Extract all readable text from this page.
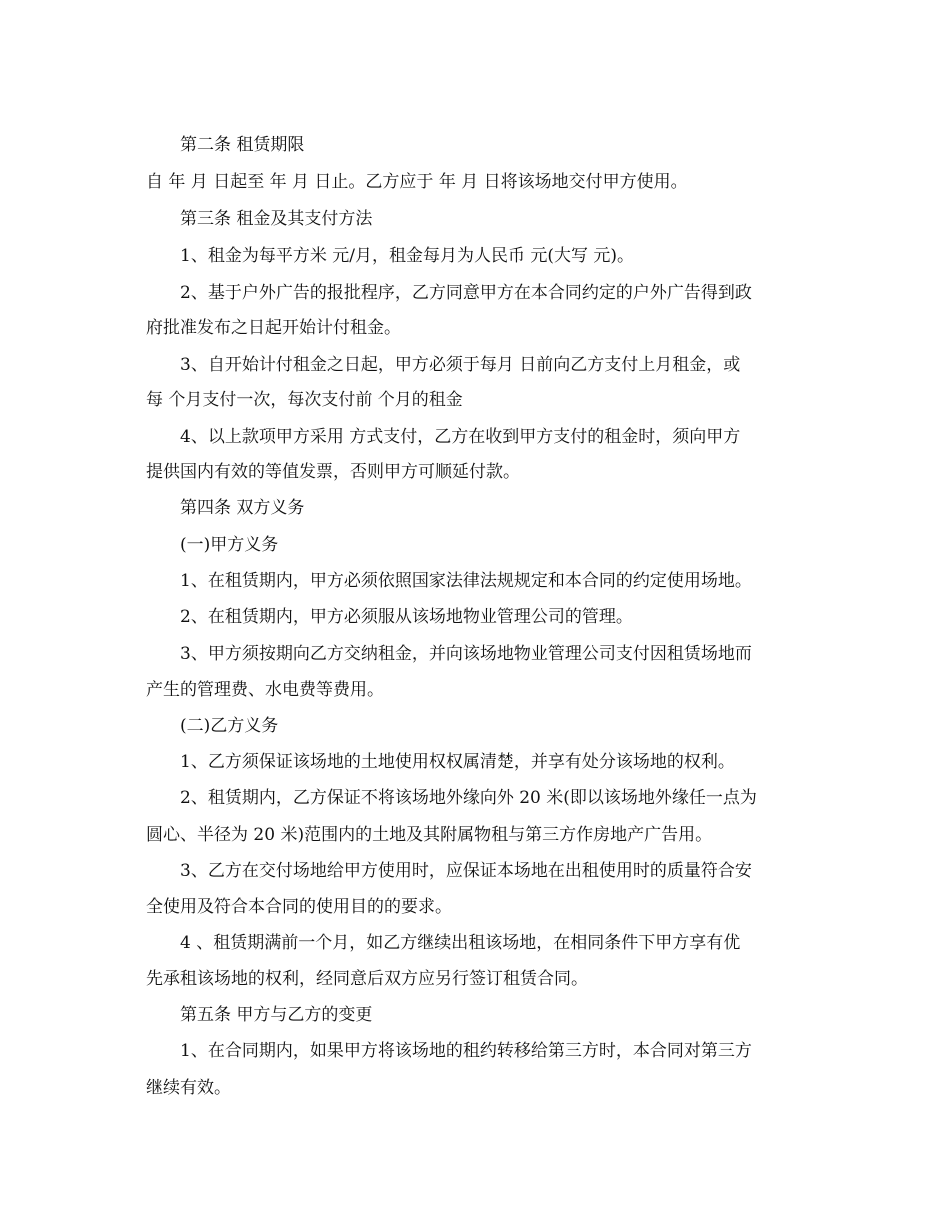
第二条 租赁期限
自 年 月 日起至 年 月 日止。乙方应于 年 月 日将该场地交付甲方使用。
第三条 租金及其支付方法
1、租金为每平方米 元/月，租金每月为人民币 元(大写 元)。
2、基于户外广告的报批程序，乙方同意甲方在本合同约定的户外广告得到政
府批准发布之日起开始计付租金。
3、自开始计付租金之日起，甲方必须于每月 日前向乙方支付上月租金，或
每 个月支付一次，每次支付前 个月的租金
4、以上款项甲方采用 方式支付，乙方在收到甲方支付的租金时，须向甲方
提供国内有效的等值发票，否则甲方可顺延付款。
第四条 双方义务
(一)甲方义务
1、在租赁期内，甲方必须依照国家法律法规规定和本合同的约定使用场地。
2、在租赁期内，甲方必须服从该场地物业管理公司的管理。
3、甲方须按期向乙方交纳租金，并向该场地物业管理公司支付因租赁场地而
产生的管理费、水电费等费用。
(二)乙方义务
1、乙方须保证该场地的土地使用权权属清楚，并享有处分该场地的权利。
2、租赁期内，乙方保证不将该场地外缘向外 20 米(即以该场地外缘任一点为
圆心、半径为 20 米)范围内的土地及其附属物租与第三方作房地产广告用。
3、乙方在交付场地给甲方使用时，应保证本场地在出租使用时的质量符合安
全使用及符合本合同的使用目的的要求。
4 、租赁期满前一个月，如乙方继续出租该场地，在相同条件下甲方享有优
先承租该场地的权利，经同意后双方应另行签订租赁合同。
第五条 甲方与乙方的变更
1、在合同期内，如果甲方将该场地的租约转移给第三方时，本合同对第三方
继续有效。
